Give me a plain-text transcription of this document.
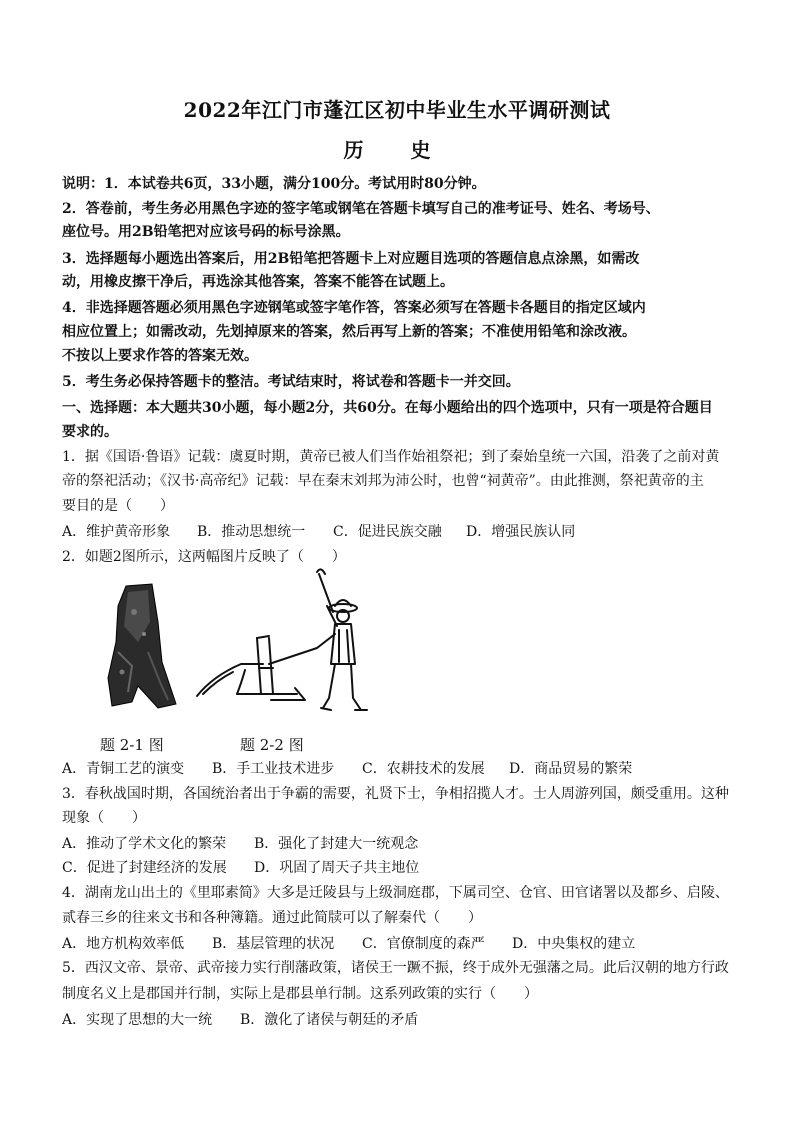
2022年江门市蓬江区初中毕业生水平调研测试
历 史
说明：1．本试卷共6页，33小题，满分100分。考试用时80分钟。
2．答卷前，考生务必用黑色字迹的签字笔或钢笔在答题卡填写自己的准考证号、姓名、考场号、
座位号。用2B铅笔把对应该号码的标号涂黑。
3．选择题每小题选出答案后，用2B铅笔把答题卡上对应题目选项的答题信息点涂黑，如需改
动，用橡皮擦干净后，再选涂其他答案，答案不能答在试题上。
4．非选择题答题必须用黑色字迹钢笔或签字笔作答，答案必须写在答题卡各题目的指定区域内
相应位置上；如需改动，先划掉原来的答案，然后再写上新的答案；不准使用铅笔和涂改液。
不按以上要求作答的答案无效。
5．考生务必保持答题卡的整洁。考试结束时，将试卷和答题卡一并交回。
一、选择题：本大题共30小题，每小题2分，共60分。在每小题给出的四个选项中，只有一项是符合题目
要求的。
1．据《国语·鲁语》记载：虞夏时期，黄帝已被人们当作始祖祭祀；到了秦始皇统一六国，沿袭了之前对黄
帝的祭祀活动；《汉书·高帝纪》记载：早在秦末刘邦为沛公时，也曾“祠黄帝”。由此推测，祭祀黄帝的主
要目的是（　　）
A．维护黄帝形象 B．推动思想统一 C．促进民族交融 D．增强民族认同
2．如题2图所示，这两幅图片反映了（　　）
题 2-1 图	题 2-2 图
A．青铜工艺的演变 B．手工业技术进步 C．农耕技术的发展 D．商品贸易的繁荣
3．春秋战国时期，各国统治者出于争霸的需要，礼贤下士，争相招揽人才。士人周游列国，颇受重用。这种
现象（　　）
A．推动了学术文化的繁荣 B．强化了封建大一统观念
C．促进了封建经济的发展 D．巩固了周天子共主地位
4．湖南龙山出土的《里耶素简》大多是迁陵县与上级洞庭郡，下属司空、仓官、田官诸署以及都乡、启陵、
贰春三乡的往来文书和各种簿籍。通过此简牍可以了解秦代（　　）
A．地方机构效率低 B．基层管理的状况 C．官僚制度的森严 D．中央集权的建立
5．西汉文帝、景帝、武帝接力实行削藩政策，诸侯王一蹶不振，终于成外无强藩之局。此后汉朝的地方行政
制度名义上是郡国并行制，实际上是郡县单行制。这系列政策的实行（　　）
A．实现了思想的大一统 B．激化了诸侯与朝廷的矛盾
